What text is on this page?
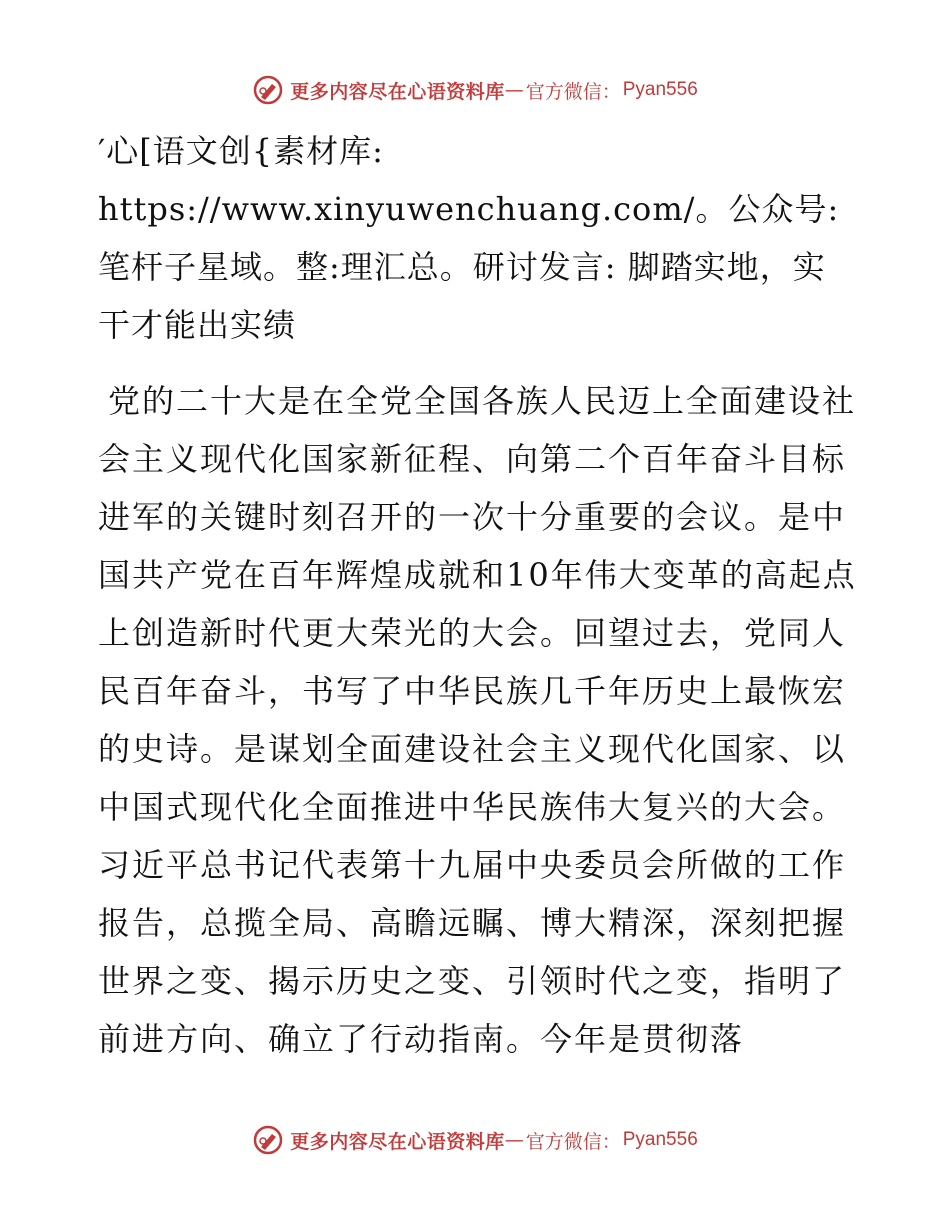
更多内容尽在心语资料库 — 官方微信： Pyan556

′心[语文创{素材库: https://www.xinyuwenchuang.com/。公众号: 笔杆子星域。整:理汇总。研讨发言: 脚踏实地，实干才能出实绩

党的二十大是在全党全国各族人民迈上全面建设社会主义现代化国家新征程、向第二个百年奋斗目标进军的关键时刻召开的一次十分重要的会议。是中国共产党在百年辉煌成就和10年伟大变革的高起点上创造新时代更大荣光的大会。回望过去，党同人民百年奋斗，书写了中华民族几千年历史上最恢宏的史诗。是谋划全面建设社会主义现代化国家、以中国式现代化全面推进中华民族伟大复兴的大会。习近平总书记代表第十九届中央委员会所做的工作报告，总揽全局、高瞻远瞩、博大精深，深刻把握世界之变、揭示历史之变、引领时代之变，指明了前进方向、确立了行动指南。今年是贯彻落

更多内容尽在心语资料库 — 官方微信： Pyan556
